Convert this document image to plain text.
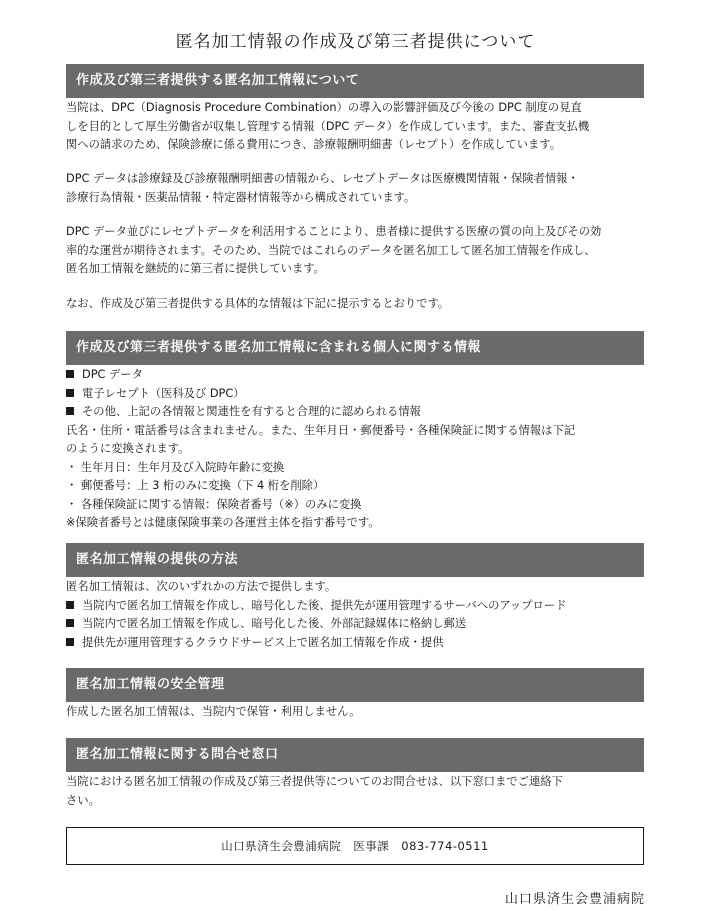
匿名加工情報の作成及び第三者提供について
作成及び第三者提供する匿名加工情報について
当院は、DPC（Diagnosis Procedure Combination）の導入の影響評価及び今後の DPC 制度の見直
しを目的として厚生労働省が収集し管理する情報（DPC データ）を作成しています。また、審査支払機
関への請求のため、保険診療に係る費用につき、診療報酬明細書（レセプト）を作成しています。
DPC データは診療録及び診療報酬明細書の情報から、レセプトデータは医療機関情報・保険者情報・
診療行為情報・医薬品情報・特定器材情報等から構成されています。
DPC データ並びにレセプトデータを利活用することにより、患者様に提供する医療の質の向上及びその効
率的な運営が期待されます。そのため、当院ではこれらのデータを匿名加工して匿名加工情報を作成し、
匿名加工情報を継続的に第三者に提供しています。
なお、作成及び第三者提供する具体的な情報は下記に提示するとおりです。
作成及び第三者提供する匿名加工情報に含まれる個人に関する情報
DPC データ
電子レセプト（医科及び DPC）
その他、上記の各情報と関連性を有すると合理的に認められる情報
氏名・住所・電話番号は含まれません。また、生年月日・郵便番号・各種保険証に関する情報は下記
のように変換されます。
・ 生年月日：生年月及び入院時年齢に変換
・ 郵便番号：上 3 桁のみに変換（下 4 桁を削除）
・ 各種保険証に関する情報：保険者番号（※）のみに変換
※保険者番号とは健康保険事業の各運営主体を指す番号です。
匿名加工情報の提供の方法
匿名加工情報は、次のいずれかの方法で提供します。
当院内で匿名加工情報を作成し、暗号化した後、提供先が運用管理するサーバへのアップロード
当院内で匿名加工情報を作成し、暗号化した後、外部記録媒体に格納し郵送
提供先が運用管理するクラウドサービス上で匿名加工情報を作成・提供
匿名加工情報の安全管理
作成した匿名加工情報は、当院内で保管・利用しません。
匿名加工情報に関する問合せ窓口
当院における匿名加工情報の作成及び第三者提供等についてのお問合せは、以下窓口までご連絡下
さい。
山口県済生会豊浦病院　医事課　083-774-0511
山口県済生会豊浦病院
